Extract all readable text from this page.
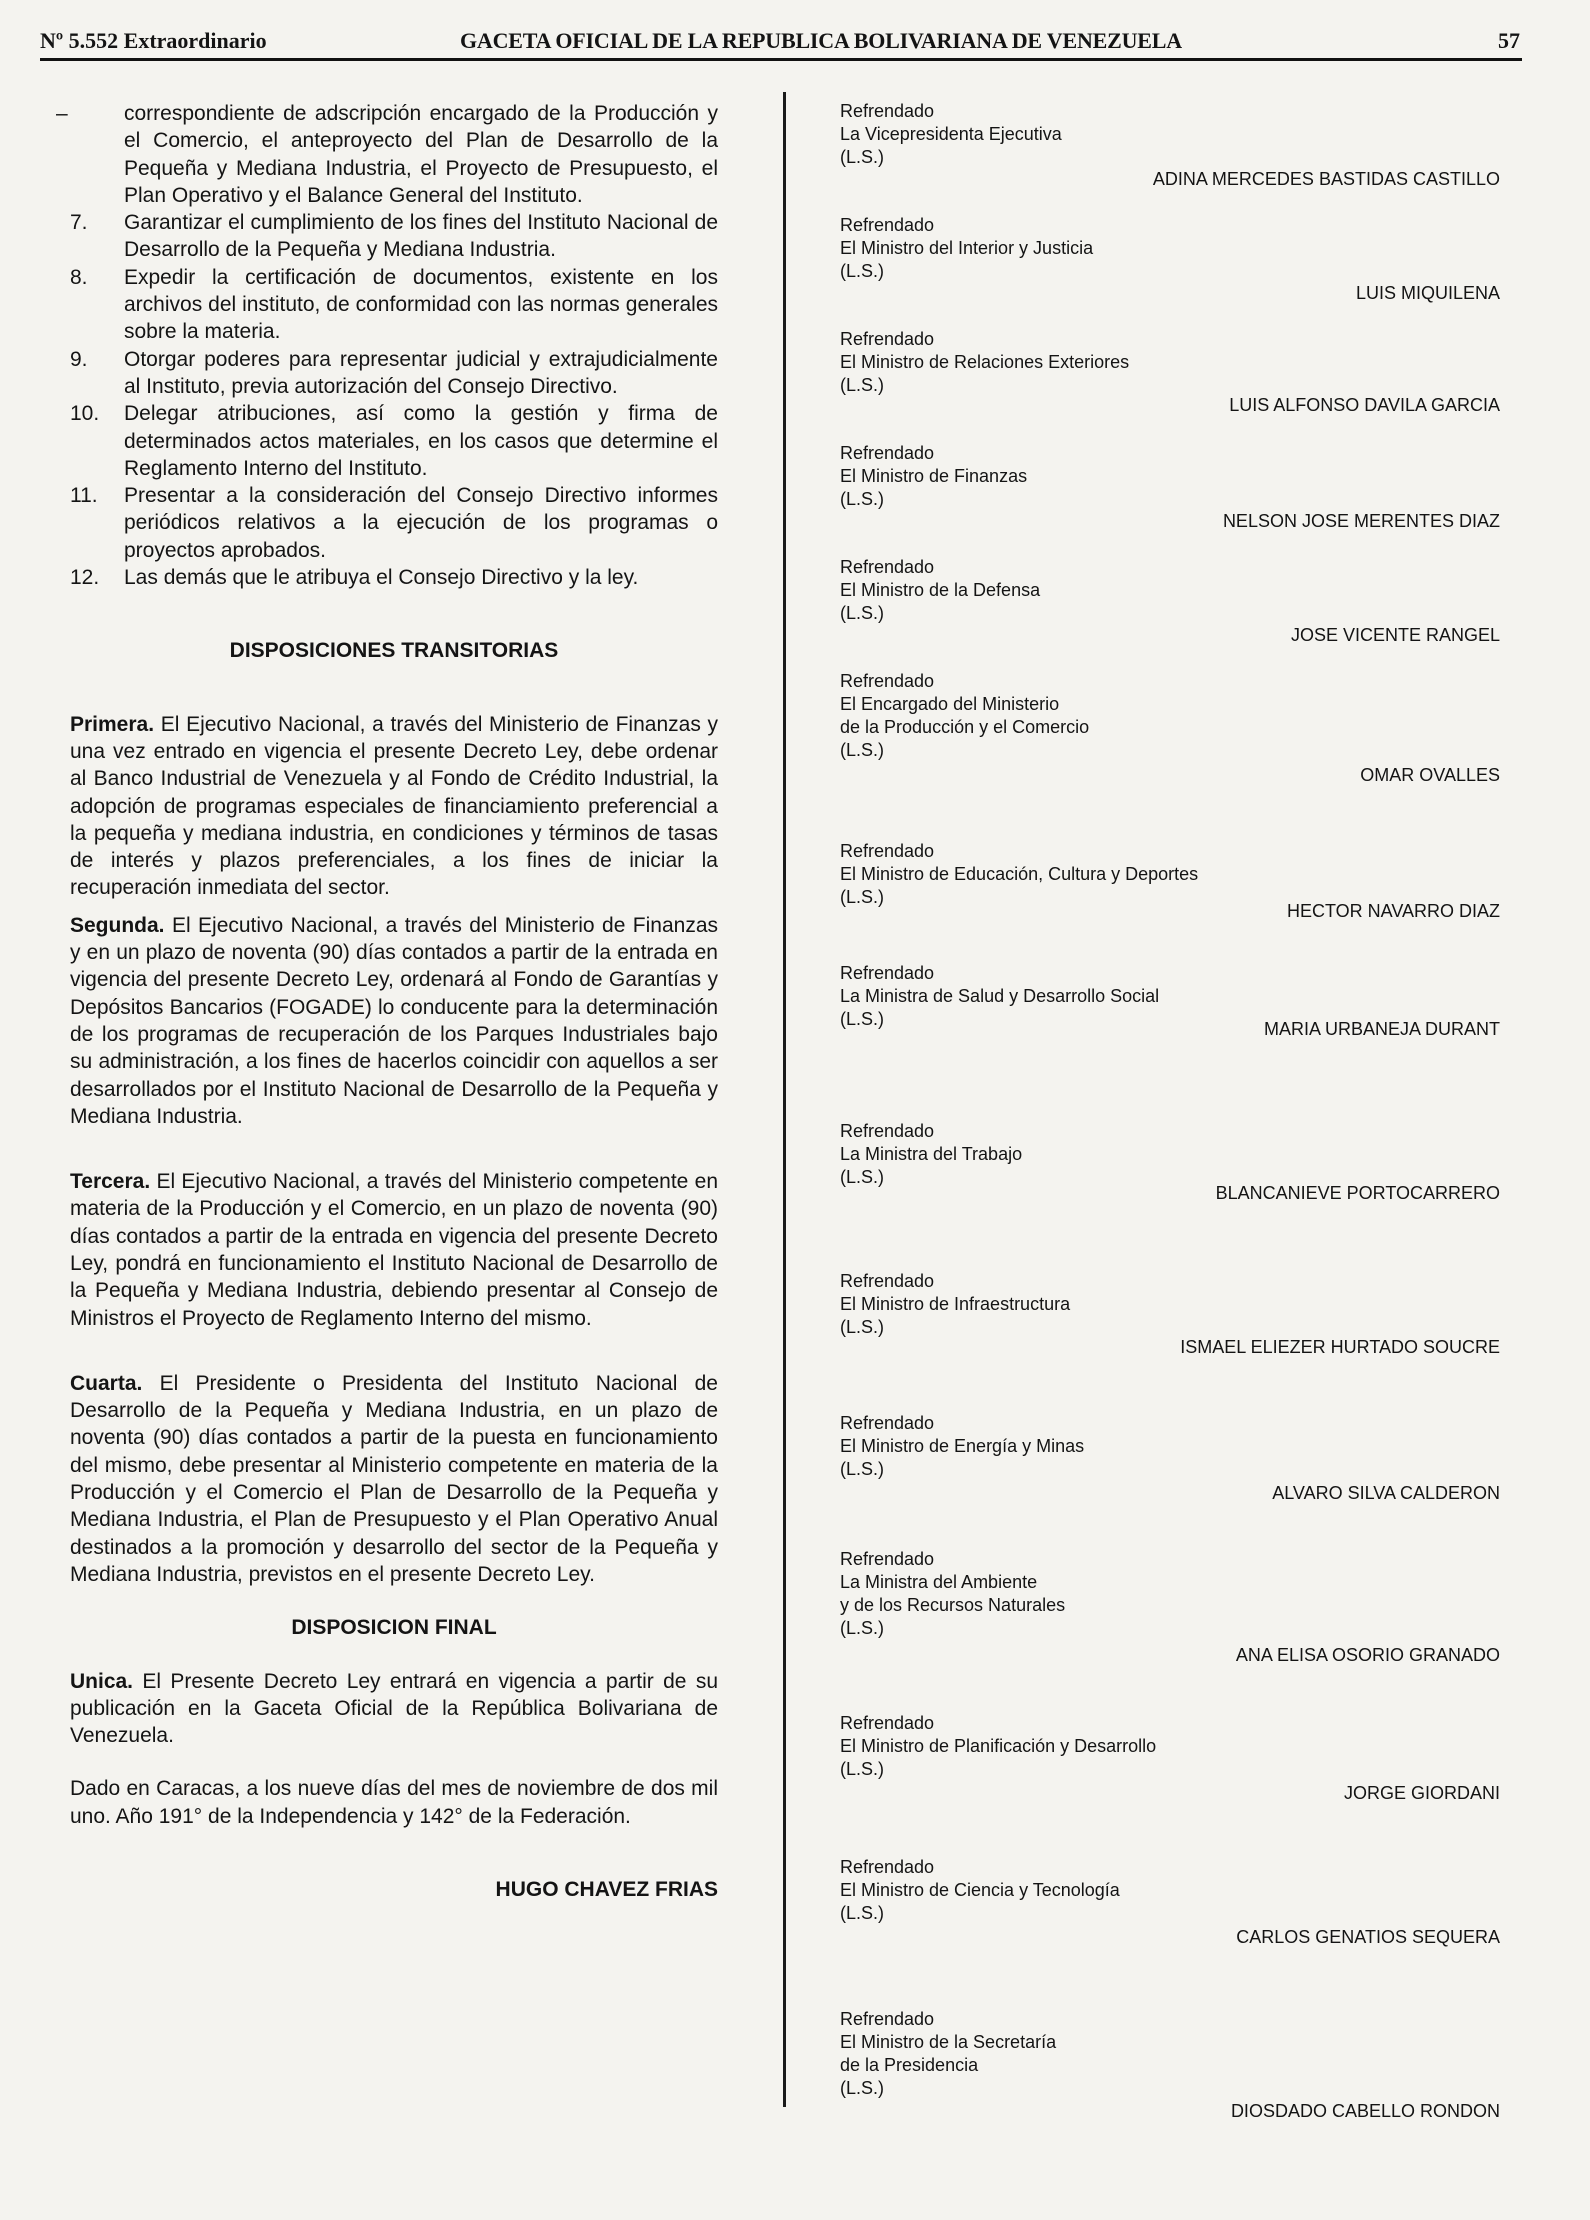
Nº 5.552 Extraordinario	GACETA OFICIAL DE LA REPUBLICA BOLIVARIANA DE VENEZUELA	57
–	correspondiente de adscripción encargado de la Producción y el Comercio, el anteproyecto del Plan de Desarrollo de la Pequeña y Mediana Industria, el Proyecto de Presupuesto, el Plan Operativo y el Balance General del Instituto.
7. Garantizar el cumplimiento de los fines del Instituto Nacional de Desarrollo de la Pequeña y Mediana Industria.
8. Expedir la certificación de documentos, existente en los archivos del instituto, de conformidad con las normas generales sobre la materia.
9. Otorgar poderes para representar judicial y extrajudicialmente al Instituto, previa autorización del Consejo Directivo.
10. Delegar atribuciones, así como la gestión y firma de determinados actos materiales, en los casos que determine el Reglamento Interno del Instituto.
11. Presentar a la consideración del Consejo Directivo informes periódicos relativos a la ejecución de los programas o proyectos aprobados.
12. Las demás que le atribuya el Consejo Directivo y la ley.

DISPOSICIONES TRANSITORIAS

Primera. El Ejecutivo Nacional, a través del Ministerio de Finanzas y una vez entrado en vigencia el presente Decreto Ley, debe ordenar al Banco Industrial de Venezuela y al Fondo de Crédito Industrial, la adopción de programas especiales de financiamiento preferencial a la pequeña y mediana industria, en condiciones y términos de tasas de interés y plazos preferenciales, a los fines de iniciar la recuperación inmediata del sector.

Segunda. El Ejecutivo Nacional, a través del Ministerio de Finanzas y en un plazo de noventa (90) días contados a partir de la entrada en vigencia del presente Decreto Ley, ordenará al Fondo de Garantías y Depósitos Bancarios (FOGADE) lo conducente para la determinación de los programas de recuperación de los Parques Industriales bajo su administración, a los fines de hacerlos coincidir con aquellos a ser desarrollados por el Instituto Nacional de Desarrollo de la Pequeña y Mediana Industria.

Tercera. El Ejecutivo Nacional, a través del Ministerio competente en materia de la Producción y el Comercio, en un plazo de noventa (90) días contados a partir de la entrada en vigencia del presente Decreto Ley, pondrá en funcionamiento el Instituto Nacional de Desarrollo de la Pequeña y Mediana Industria, debiendo presentar al Consejo de Ministros el Proyecto de Reglamento Interno del mismo.

Cuarta. El Presidente o Presidenta del Instituto Nacional de Desarrollo de la Pequeña y Mediana Industria, en un plazo de noventa (90) días contados a partir de la puesta en funcionamiento del mismo, debe presentar al Ministerio competente en materia de la Producción y el Comercio el Plan de Desarrollo de la Pequeña y Mediana Industria, el Plan de Presupuesto y el Plan Operativo Anual destinados a la promoción y desarrollo del sector de la Pequeña y Mediana Industria, previstos en el presente Decreto Ley.

DISPOSICION FINAL

Unica. El Presente Decreto Ley entrará en vigencia a partir de su publicación en la Gaceta Oficial de la República Bolivariana de Venezuela.

Dado en Caracas, a los nueve días del mes de noviembre de dos mil uno. Año 191° de la Independencia y 142° de la Federación.

HUGO CHAVEZ FRIAS

Refrendado
La Vicepresidenta Ejecutiva
(L.S.)
ADINA MERCEDES BASTIDAS CASTILLO
Refrendado
El Ministro del Interior y Justicia
(L.S.)
LUIS MIQUILENA
Refrendado
El Ministro de Relaciones Exteriores
(L.S.)
LUIS ALFONSO DAVILA GARCIA
Refrendado
El Ministro de Finanzas
(L.S.)
NELSON JOSE MERENTES DIAZ
Refrendado
El Ministro de la Defensa
(L.S.)
JOSE VICENTE RANGEL
Refrendado
El Encargado del Ministerio
de la Producción y el Comercio
(L.S.)
OMAR OVALLES
Refrendado
El Ministro de Educación, Cultura y Deportes
(L.S.)
HECTOR NAVARRO DIAZ
Refrendado
La Ministra de Salud y Desarrollo Social
(L.S.)	MARIA URBANEJA DURANT
Refrendado
La Ministra del Trabajo
(L.S.)
BLANCANIEVE PORTOCARRERO
Refrendado
El Ministro de Infraestructura
(L.S.)
ISMAEL ELIEZER HURTADO SOUCRE
Refrendado
El Ministro de Energía y Minas
(L.S.)
ALVARO SILVA CALDERON
Refrendado
La Ministra del Ambiente
y de los Recursos Naturales
(L.S.)
ANA ELISA OSORIO GRANADO
Refrendado
El Ministro de Planificación y Desarrollo
(L.S.)
JORGE GIORDANI
Refrendado
El Ministro de Ciencia y Tecnología
(L.S.)
CARLOS GENATIOS SEQUERA
Refrendado
El Ministro de la Secretaría
de la Presidencia
(L.S.)
DIOSDADO CABELLO RONDON
